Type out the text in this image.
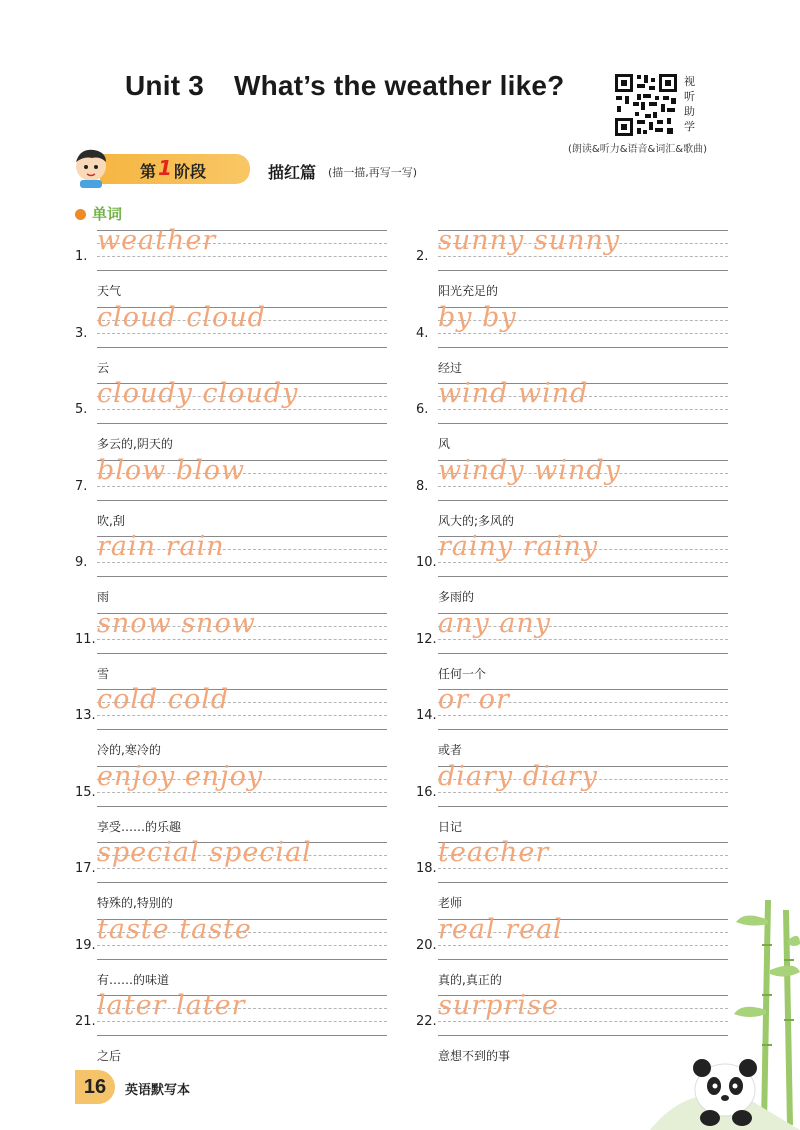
Unit 3 What’s the weather like?	视
听
助
学
(朗读&听力&语音&词汇&歌曲)
第 1 阶段	描红篇 (描一描,再写一写)
单词
1.
weather
天气
2.
sunny sunny
阳光充足的
3.
cloud cloud
云
4.
by by
经过
5.
cloudy cloudy
多云的,阴天的
6.
wind wind
风
7.
blow blow
吹,刮
8.
windy windy
风大的;多风的
9.
rain rain
雨
10.
rainy rainy
多雨的
11.
snow snow
雪
12.
any any
任何一个
13.
cold cold
冷的,寒冷的
14.
or or
或者
15.
enjoy enjoy
享受……的乐趣
16.
diary diary
日记
17.
special special
特殊的,特别的
18.
teacher
老师
19.
taste taste
有……的味道
20.
real real
真的,真正的
21.
later later
之后
22.
surprise
意想不到的事
16	英语默写本
